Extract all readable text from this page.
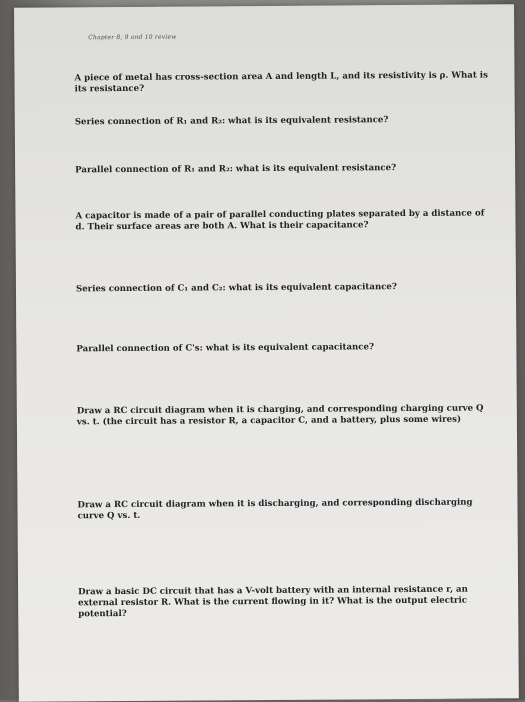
Chapter 8, 9 and 10 review

A piece of metal has cross-section area A and length L, and its resistivity is ρ. What is its resistance?

Series connection of R₁ and R₂: what is its equivalent resistance?

Parallel connection of R₁ and R₂: what is its equivalent resistance?

A capacitor is made of a pair of parallel conducting plates separated by a distance of d. Their surface areas are both A. What is their capacitance?

Series connection of C₁ and C₂: what is its equivalent capacitance?

Parallel connection of C's: what is its equivalent capacitance?

Draw a RC circuit diagram when it is charging, and corresponding charging curve Q vs. t. (the circuit has a resistor R, a capacitor C, and a battery, plus some wires)

Draw a RC circuit diagram when it is discharging, and corresponding discharging curve Q vs. t.

Draw a basic DC circuit that has a V-volt battery with an internal resistance r, an external resistor R. What is the current flowing in it? What is the output electric potential?
